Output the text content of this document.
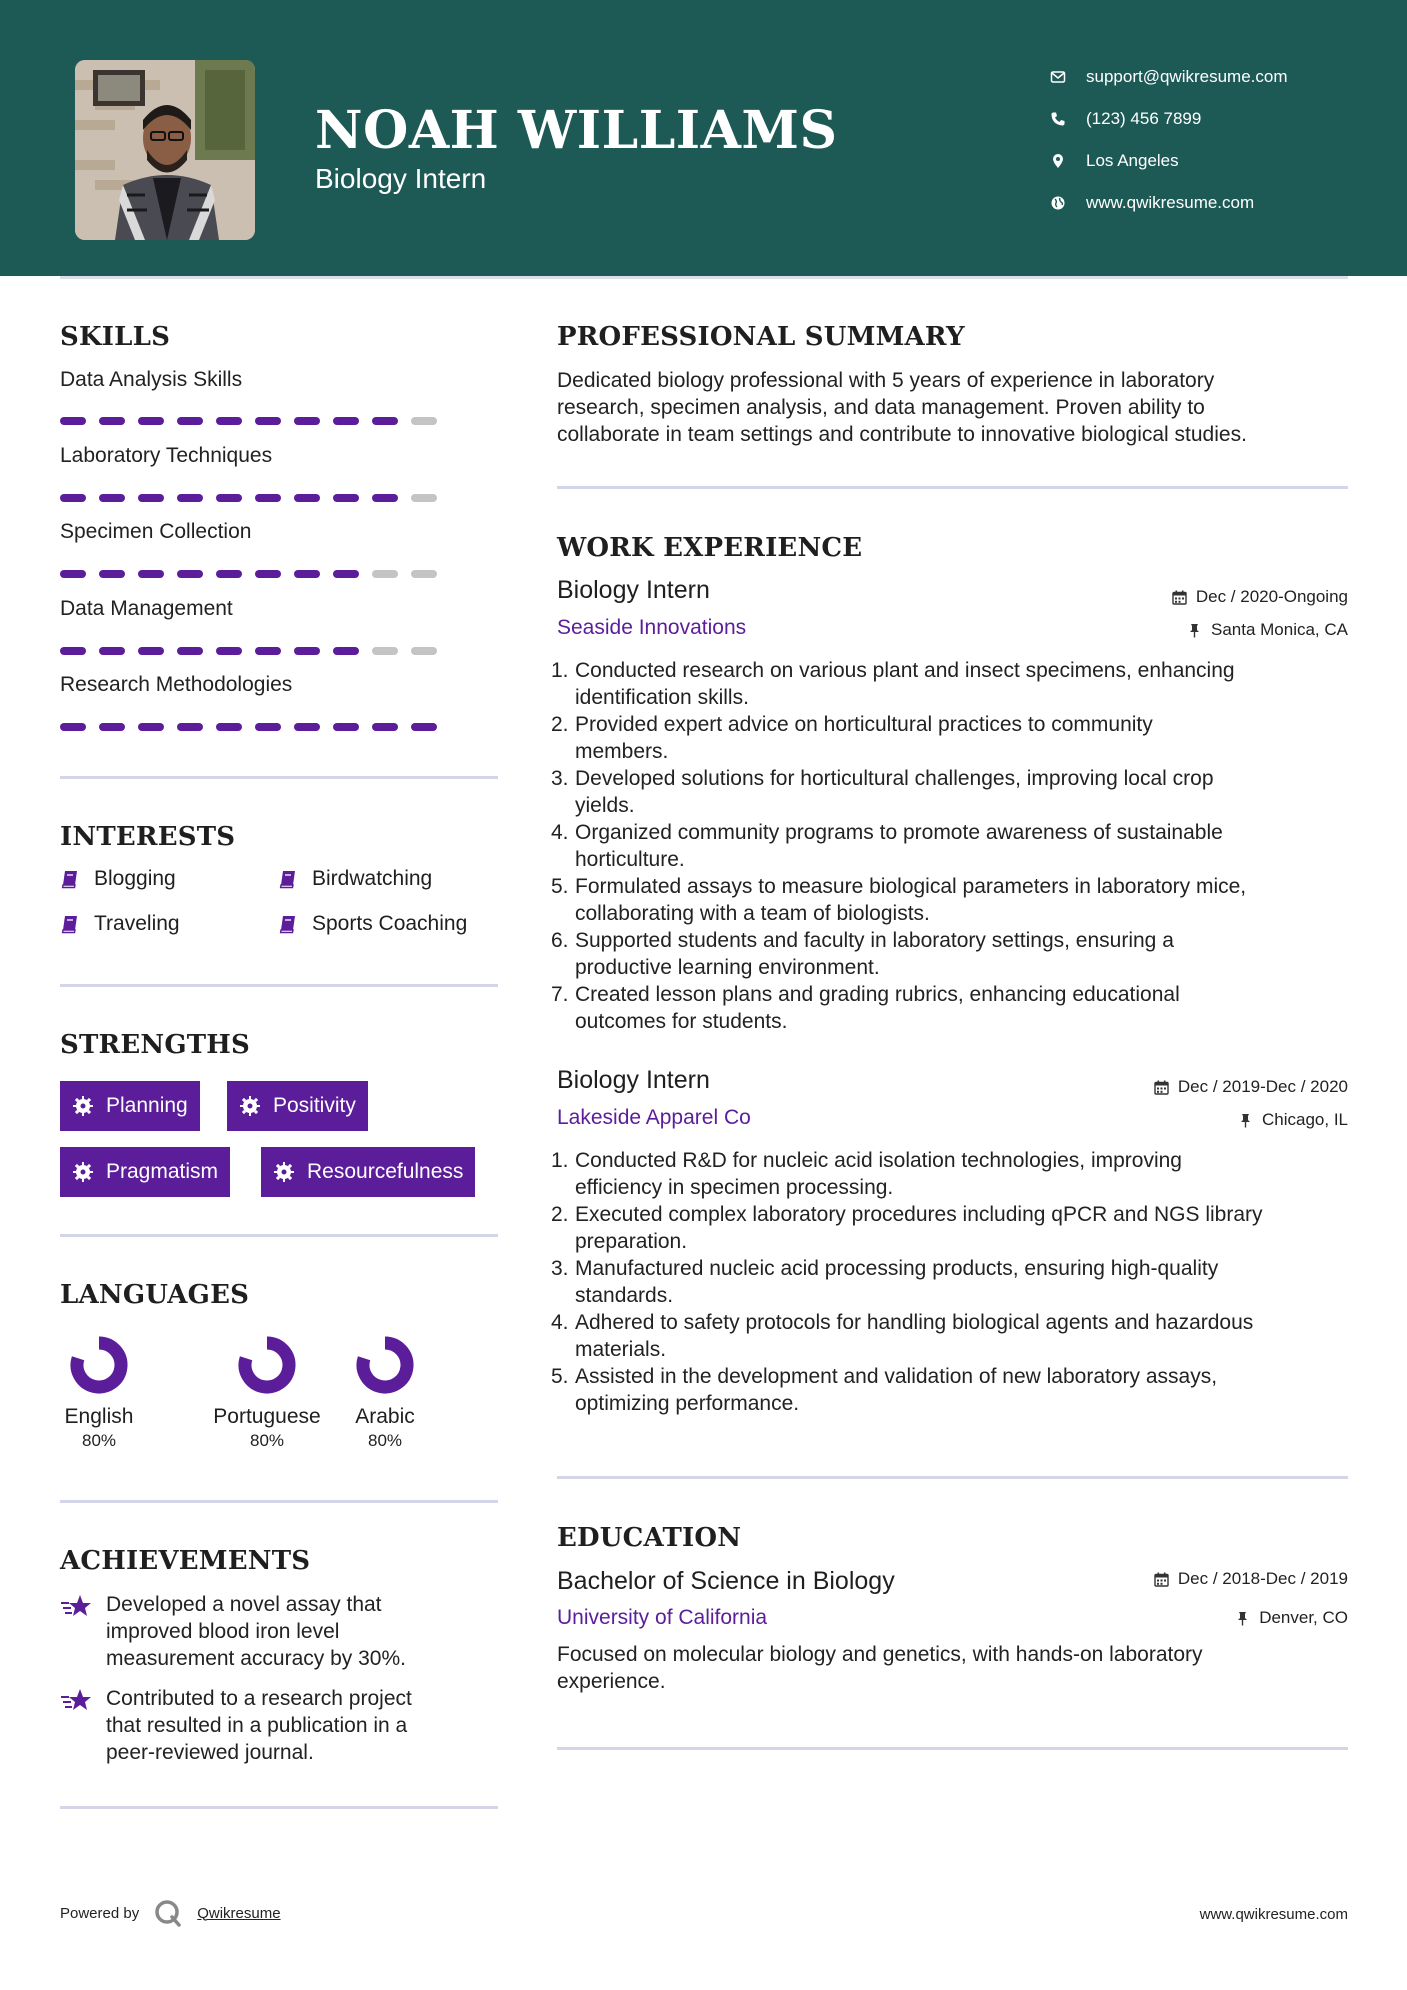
NOAH WILLIAMS
Biology Intern
support@qwikresume.com
(123) 456 7899
Los Angeles
www.qwikresume.com
SKILLS
Data Analysis Skills
Laboratory Techniques
Specimen Collection
Data Management
Research Methodologies
INTERESTS
Blogging	Birdwatching
Traveling	Sports Coaching
STRENGTHS
Planning	Positivity
Pragmatism	Resourcefulness
LANGUAGES
English
80%
Portuguese
80%
Arabic
80%
ACHIEVEMENTS
Developed a novel assay that
improved blood iron level
measurement accuracy by 30%.
Contributed to a research project
that resulted in a publication in a
peer-reviewed journal.
PROFESSIONAL SUMMARY
Dedicated biology professional with 5 years of experience in laboratory
research, specimen analysis, and data management. Proven ability to
collaborate in team settings and contribute to innovative biological studies.
WORK EXPERIENCE
Biology Intern	Dec / 2020-Ongoing
Seaside Innovations	Santa Monica, CA
1. Conducted research on various plant and insect specimens, enhancing
identification skills.
2. Provided expert advice on horticultural practices to community
members.
3. Developed solutions for horticultural challenges, improving local crop
yields.
4. Organized community programs to promote awareness of sustainable
horticulture.
5. Formulated assays to measure biological parameters in laboratory mice,
collaborating with a team of biologists.
6. Supported students and faculty in laboratory settings, ensuring a
productive learning environment.
7. Created lesson plans and grading rubrics, enhancing educational
outcomes for students.
Biology Intern	Dec / 2019-Dec / 2020
Lakeside Apparel Co	Chicago, IL
1. Conducted R&D for nucleic acid isolation technologies, improving
efficiency in specimen processing.
2. Executed complex laboratory procedures including qPCR and NGS library
preparation.
3. Manufactured nucleic acid processing products, ensuring high-quality
standards.
4. Adhered to safety protocols for handling biological agents and hazardous
materials.
5. Assisted in the development and validation of new laboratory assays,
optimizing performance.
EDUCATION
Bachelor of Science in Biology	Dec / 2018-Dec / 2019
University of California	Denver, CO
Focused on molecular biology and genetics, with hands-on laboratory
experience.
Powered by	Qwikresume	www.qwikresume.com
